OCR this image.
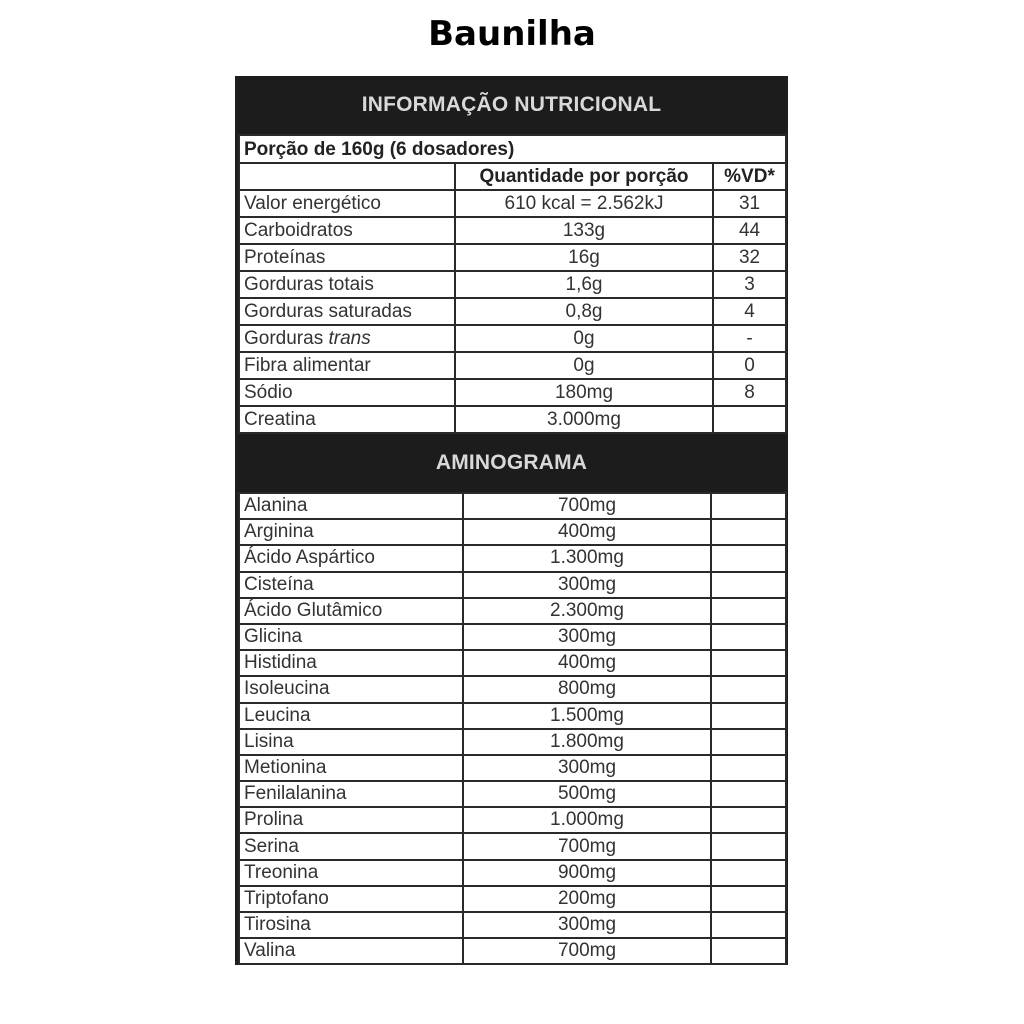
Baunilha
INFORMAÇÃO NUTRICIONAL
Porção de 160g (6 dosadores)		
	Quantidade por porção	%VD*
Valor energético	610 kcal = 2.562kJ	31
Carboidratos	133g	44
Proteínas	16g	32
Gorduras totais	1,6g	3
Gorduras saturadas	0,8g	4
Gorduras trans	0g	-
Fibra alimentar	0g	0
Sódio	180mg	8
Creatina	3.000mg	
AMINOGRAMA
Alanina	700mg	
Arginina	400mg	
Ácido Aspártico	1.300mg	
Cisteína	300mg	
Ácido Glutâmico	2.300mg	
Glicina	300mg	
Histidina	400mg	
Isoleucina	800mg	
Leucina	1.500mg	
Lisina	1.800mg	
Metionina	300mg	
Fenilalanina	500mg	
Prolina	1.000mg	
Serina	700mg	
Treonina	900mg	
Triptofano	200mg	
Tirosina	300mg	
Valina	700mg	
